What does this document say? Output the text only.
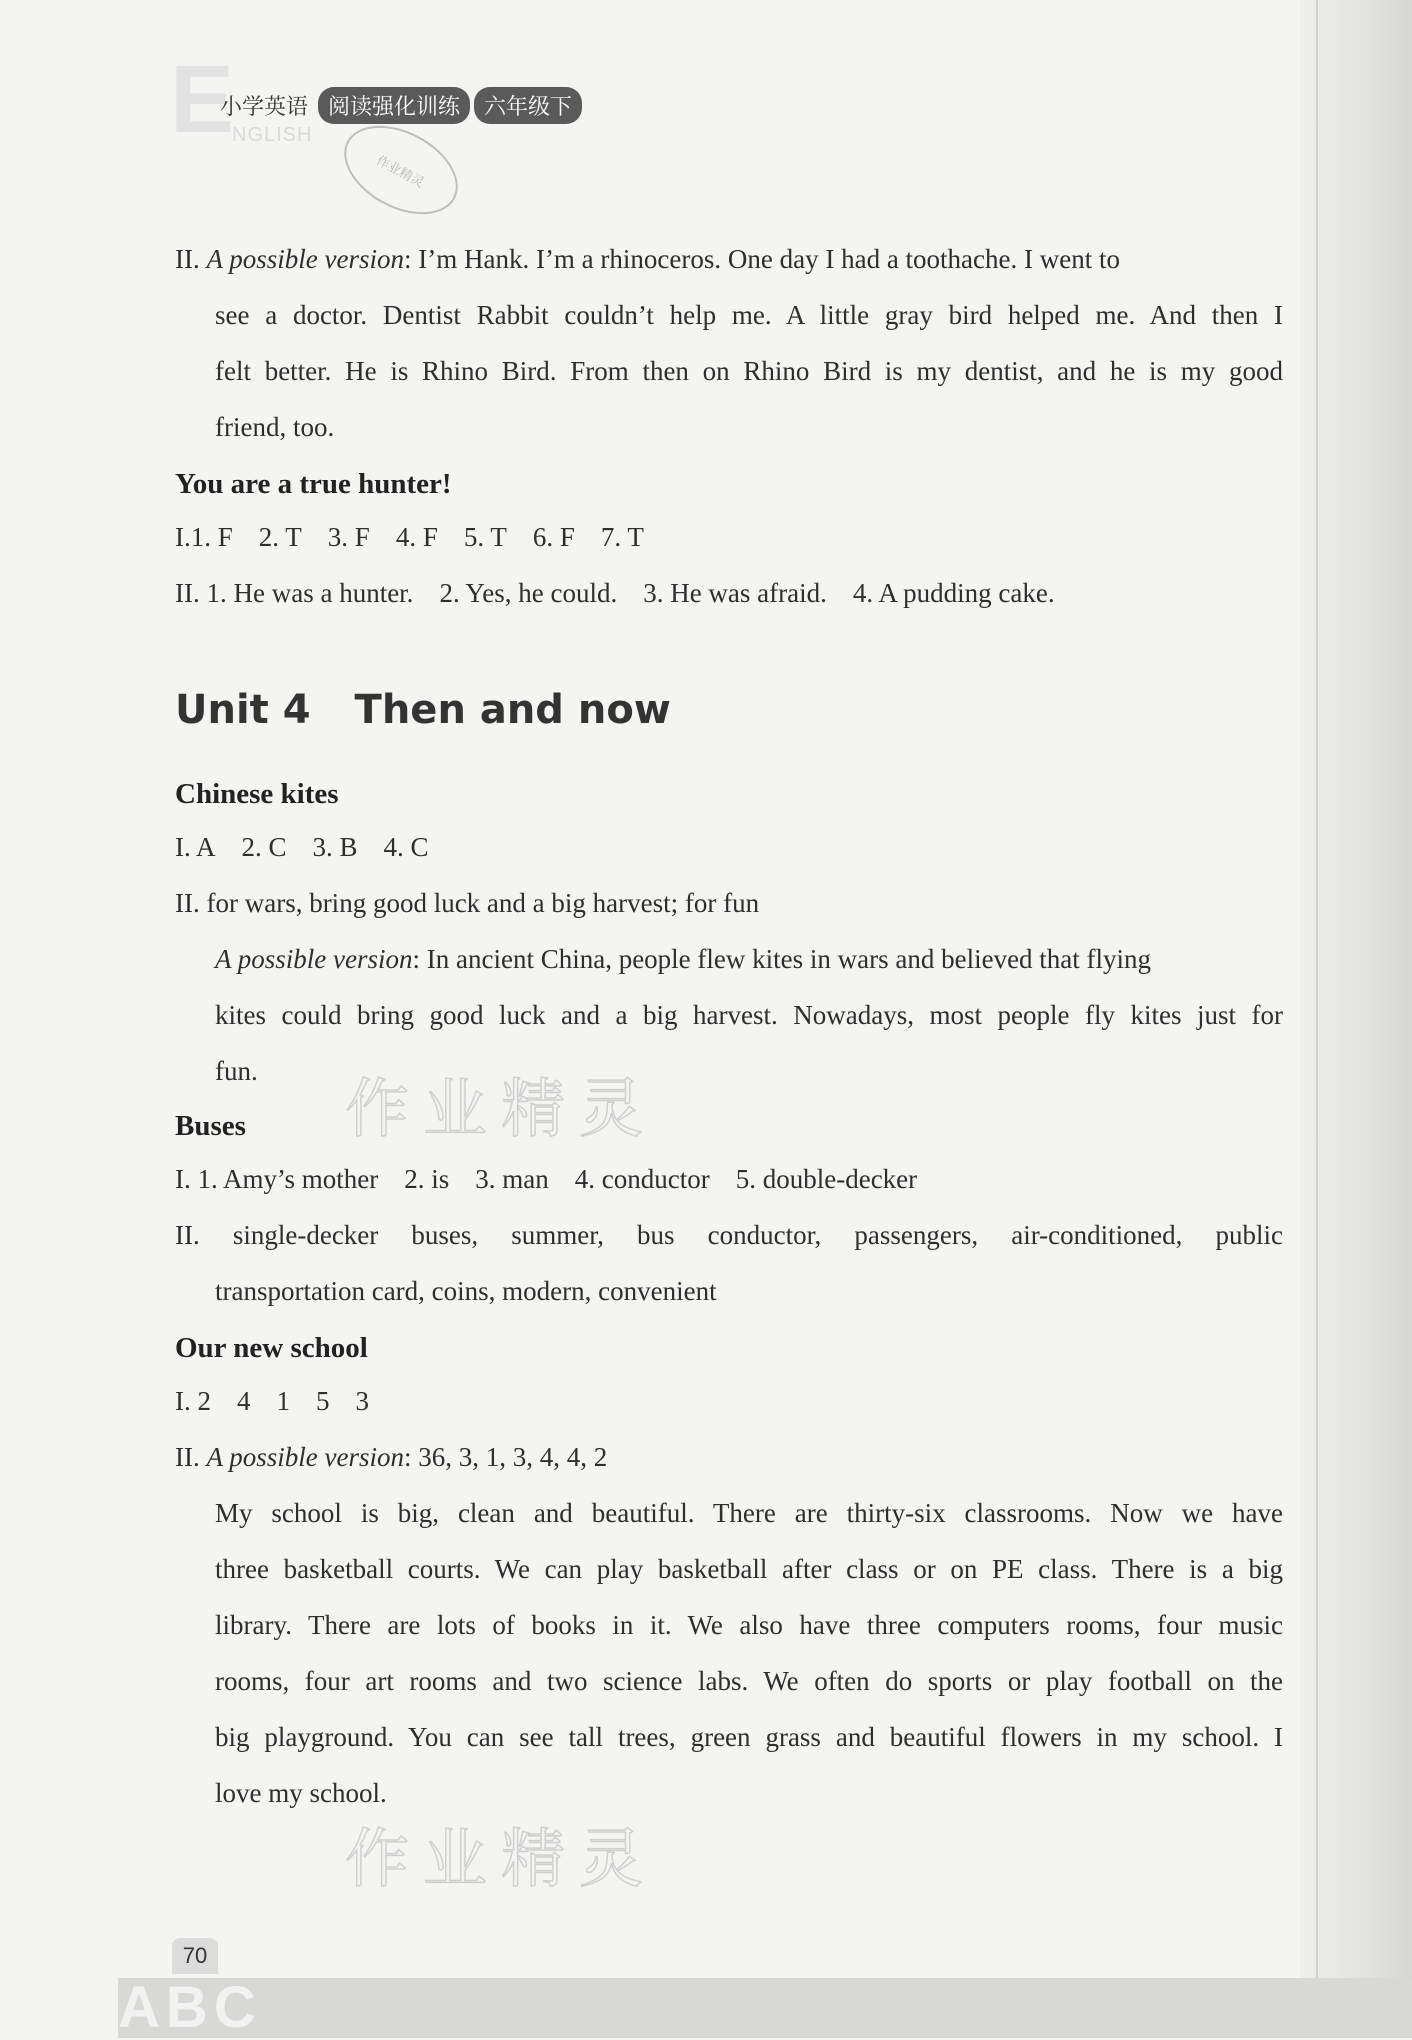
E
NGLISH
小学英语 阅读强化训练	六年级下
作业精灵
II. A possible version: I’m Hank. I’m a rhinoceros. One day I had a toothache. I went to
see a doctor. Dentist Rabbit couldn’t help me. A little gray bird helped me. And then I
felt better. He is Rhino Bird. From then on Rhino Bird is my dentist, and he is my good
friend, too.
You are a true hunter!
I.1. F 2. T 3. F 4. F 5. T 6. F 7. T
II. 1. He was a hunter. 2. Yes, he could. 3. He was afraid. 4. A pudding cake.
Unit 4 Then and now
Chinese kites
I. A 2. C 3. B 4. C
II. for wars, bring good luck and a big harvest; for fun
A possible version: In ancient China, people flew kites in wars and believed that flying
kites could bring good luck and a big harvest. Nowadays, most people fly kites just for
fun.
Buses
I. 1. Amy’s mother 2. is 3. man 4. conductor 5. double-decker
II. single-decker buses, summer, bus conductor, passengers, air-conditioned, public
transportation card, coins, modern, convenient
Our new school
I. 2 4 1 5 3
II. A possible version: 36, 3, 1, 3, 4, 4, 2
My school is big, clean and beautiful. There are thirty-six classrooms. Now we have
three basketball courts. We can play basketball after class or on PE class. There is a big
library. There are lots of books in it. We also have three computers rooms, four music
rooms, four art rooms and two science labs. We often do sports or play football on the
big playground. You can see tall trees, green grass and beautiful flowers in my school. I
love my school.
作业精灵
作业精灵
70
ABC
